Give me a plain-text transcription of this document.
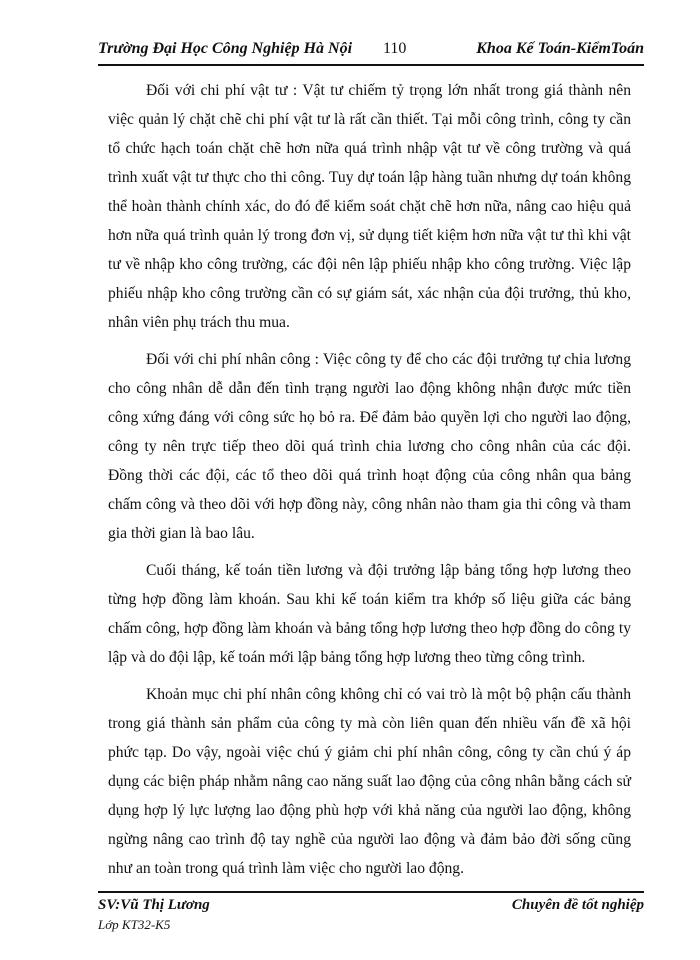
Trường Đại Học Công Nghiệp Hà Nội 110	Khoa Kế Toán-KiểmToán

Đối với chi phí vật tư : Vật tư chiếm tỷ trọng lớn nhất trong giá thành nên việc quản lý chặt chẽ chi phí vật tư là rất cần thiết. Tại mỗi công trình, công ty cần tổ chức hạch toán chặt chẽ hơn nữa quá trình nhập vật tư về công trường và quá trình xuất vật tư thực cho thi công. Tuy dự toán lập hàng tuần nhưng dự toán không thể hoàn thành chính xác, do đó để kiểm soát chặt chẽ hơn nữa, nâng cao hiệu quả hơn nữa quá trình quản lý trong đơn vị, sử dụng tiết kiệm hơn nữa vật tư thì khi vật tư về nhập kho công trường, các đội nên lập phiếu nhập kho công trường. Việc lập phiếu nhập kho công trường cần có sự giám sát, xác nhận của đội trưởng, thủ kho, nhân viên phụ trách thu mua.

Đối với chi phí nhân công : Việc công ty để cho các đội trưởng tự chia lương cho công nhân dễ dẫn đến tình trạng người lao động không nhận được mức tiền công xứng đáng với công sức họ bỏ ra. Để đảm bảo quyền lợi cho người lao động, công ty nên trực tiếp theo dõi quá trình chia lương cho công nhân của các đội. Đồng thời các đội, các tổ theo dõi quá trình hoạt động của công nhân qua bảng chấm công và theo dõi với hợp đồng này, công nhân nào tham gia thi công và tham gia thời gian là bao lâu.

Cuối tháng, kế toán tiền lương và đội trưởng lập bảng tổng hợp lương theo từng hợp đồng làm khoán. Sau khi kế toán kiểm tra khớp số liệu giữa các bảng chấm công, hợp đồng làm khoán và bảng tổng hợp lương theo hợp đồng do công ty lập và do đội lập, kế toán mới lập bảng tổng hợp lương theo từng công trình.

Khoản mục chi phí nhân công không chỉ có vai trò là một bộ phận cấu thành trong giá thành sản phẩm của công ty mà còn liên quan đến nhiều vấn đề xã hội phức tạp. Do vậy, ngoài việc chú ý giảm chi phí nhân công, công ty cần chú ý áp dụng các biện pháp nhằm nâng cao năng suất lao động của công nhân bằng cách sử dụng hợp lý lực lượng lao động phù hợp với khả năng của người lao động, không ngừng nâng cao trình độ tay nghề của người lao động và đảm bảo đời sống cũng như an toàn trong quá trình làm việc cho người lao động.

SV:Vũ Thị Lương
Lớp KT32-K5
Chuyên đề tốt nghiệp
